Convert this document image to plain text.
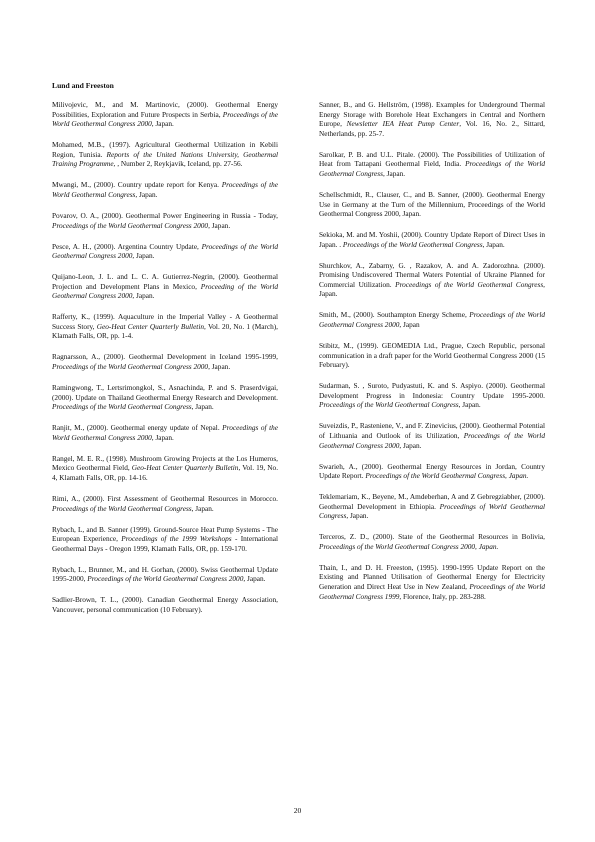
Lund and Freeston

Milivojevic, M., and M. Martinovic, (2000). Geothermal Energy Possibilities, Exploration and Future Prospects in Serbia, Proceedings of the World Geothermal Congress 2000, Japan.

Mohamed, M.B., (1997). Agricultural Geothermal Utilization in Kebili Region, Tunisia. Reports of the United Nations University, Geothermal Training Programme, , Number 2, Reykjavik, Iceland, pp. 27-56.

Mwangi, M., (2000). Country update report for Kenya. Proceedings of the World Geothermal Congress, Japan.

Povarov, O. A., (2000). Geothermal Power Engineering in Russia - Today, Proceedings of the World Geothermal Congress 2000, Japan.

Pesce, A. H., (2000). Argentina Country Update, Proceedings of the World Geothermal Congress 2000, Japan.

Quijano-Leon, J. L. and L. C. A. Gutierrez-Negrin, (2000). Geothermal Projection and Development Plans in Mexico, Proceeding of the World Geothermal Congress 2000, Japan.

Rafferty, K., (1999). Aquaculture in the Imperial Valley - A Geothermal Success Story, Geo-Heat Center Quarterly Bulletin, Vol. 20, No. 1 (March), Klamath Falls, OR, pp. 1-4.

Ragnarsson, A., (2000). Geothermal Development in Iceland 1995-1999, Proceedings of the World Geothermal Congress 2000, Japan.

Ramingwong, T., Lertsrimongkol, S., Asnachinda, P. and S. Praserdvigai, (2000). Update on Thailand Geothermal Energy Research and Development. Proceedings of the World Geothermal Congress, Japan.

Ranjit, M., (2000). Geothermal energy update of Nepal. Proceedings of the World Geothermal Congress 2000, Japan.

Rangel, M. E. R., (1998). Mushroom Growing Projects at the Los Humeros, Mexico Geothermal Field, Geo-Heat Center Quarterly Bulletin, Vol. 19, No. 4, Klamath Falls, OR, pp. 14-16.

Rimi, A., (2000). First Assessment of Geothermal Resources in Morocco. Proceedings of the World Geothermal Congress, Japan.

Rybach, L, and B. Sanner (1999). Ground-Source Heat Pump Systems - The European Experience, Proceedings of the 1999 Workshops - International Geothermal Days - Oregon 1999, Klamath Falls, OR, pp. 159-170.

Rybach, L., Brunner, M., and H. Gorhan, (2000). Swiss Geothermal Update 1995-2000, Proceedings of the World Geothermal Congress 2000, Japan.

Sadlier-Brown, T. L., (2000). Canadian Geothermal Energy Association, Vancouver, personal communication (10 February).

Sanner, B., and G. Hellström, (1998). Examples for Underground Thermal Energy Storage with Borehole Heat Exchangers in Central and Northern Europe, Newsletter IEA Heat Pump Center, Vol. 16, No. 2., Sittard, Netherlands, pp. 25-7.

Sarolkar, P. B. and U.L. Pitale. (2000). The Possibilities of Utilization of Heat from Tattapani Geothermal Field, India. Proceedings of the World Geothermal Congress, Japan.

Schellschmidt, R., Clauser, C., and B. Sanner, (2000). Geothermal Energy Use in Germany at the Turn of the Millennium, Proceedings of the World Geothermal Congress 2000, Japan.

Sekioka, M. and M. Yoshii, (2000). Country Update Report of Direct Uses in Japan. . Proceedings of the World Geothermal Congress, Japan.

Shurchkov, A., Zabarny, G. , Razakov, A. and A. Zadorozhna. (2000). Promising Undiscovered Thermal Waters Potential of Ukraine Planned for Commercial Utilization. Proceedings of the World Geothermal Congress, Japan.

Smith, M., (2000). Southampton Energy Scheme, Proceedings of the World Geothermal Congress 2000, Japan

Stibitz, M., (1999). GEOMEDIA Ltd., Prague, Czech Republic, personal communication in a draft paper for the World Geothermal Congress 2000 (15 February).

Sudarman, S. , Suroto, Pudyastuti, K. and S. Aspiyo. (2000). Geothermal Development Progress in Indonesia: Country Update 1995-2000. Proceedings of the World Geothermal Congress, Japan.

Suveizdis, P., Rasteniene, V., and F. Zinevicius, (2000). Geothermal Potential of Lithuania and Outlook of its Utilization, Proceedings of the World Geothermal Congress 2000, Japan.

Swarieh, A., (2000). Geothermal Energy Resources in Jordan, Country Update Report. Proceedings of the World Geothermal Congress, Japan.

Teklemariam, K., Beyene, M., Amdeberhan, A and Z Gebregziabher, (2000). Geothermal Development in Ethiopia. Proceedings of World Geothermal Congress, Japan.

Terceros, Z. D., (2000). State of the Geothermal Resources in Bolivia, Proceedings of the World Geothermal Congress 2000, Japan.

Thain, I., and D. H. Freeston, (1995). 1990-1995 Update Report on the Existing and Planned Utilisation of Geothermal Energy for Electricity Generation and Direct Heat Use in New Zealand, Proceedings of the World Geothermal Congress 1999, Florence, Italy, pp. 283-288.

20
